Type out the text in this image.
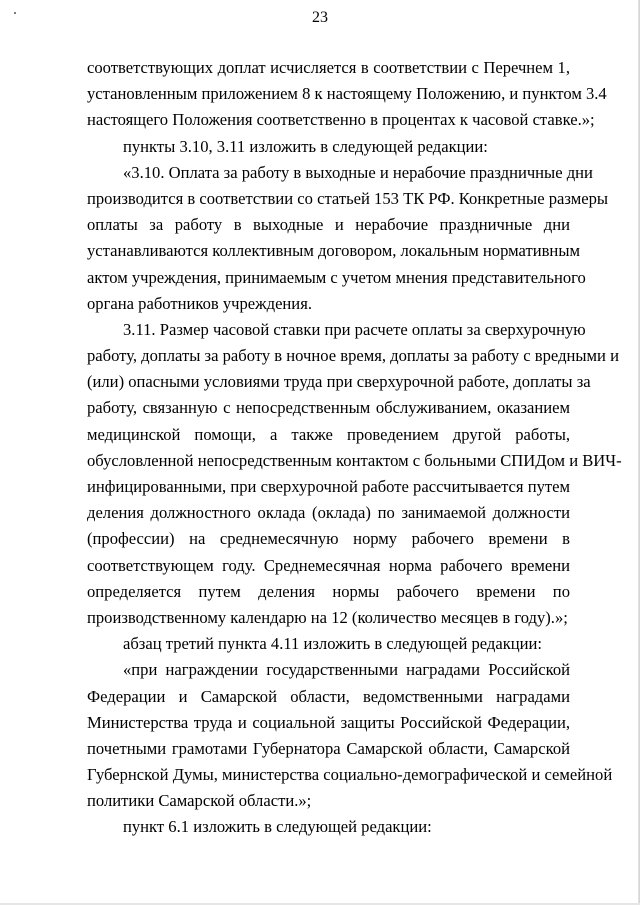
23
соответствующих доплат исчисляется в соответствии с Перечнем 1,
установленным приложением 8 к настоящему Положению, и пунктом 3.4
настоящего Положения соответственно в процентах к часовой ставке.»;
пункты 3.10, 3.11 изложить в следующей редакции:
«3.10. Оплата за работу в выходные и нерабочие праздничные дни
производится в соответствии со статьей 153 ТК РФ. Конкретные размеры
оплаты за работу в выходные и нерабочие праздничные дни
устанавливаются коллективным договором, локальным нормативным
актом учреждения, принимаемым с учетом мнения представительного
органа работников учреждения.
3.11. Размер часовой ставки при расчете оплаты за сверхурочную
работу, доплаты за работу в ночное время, доплаты за работу с вредными и
(или) опасными условиями труда при сверхурочной работе, доплаты за
работу, связанную с непосредственным обслуживанием, оказанием
медицинской помощи, а также проведением другой работы,
обусловленной непосредственным контактом с больными СПИДом и ВИЧ-
инфицированными, при сверхурочной работе рассчитывается путем
деления должностного оклада (оклада) по занимаемой должности
(профессии) на среднемесячную норму рабочего времени в
соответствующем году. Среднемесячная норма рабочего времени
определяется путем деления нормы рабочего времени по
производственному календарю на 12 (количество месяцев в году).»;
абзац третий пункта 4.11 изложить в следующей редакции:
«при награждении государственными наградами Российской
Федерации и Самарской области, ведомственными наградами
Министерства труда и социальной защиты Российской Федерации,
почетными грамотами Губернатора Самарской области, Самарской
Губернской Думы, министерства социально-демографической и семейной
политики Самарской области.»;
пункт 6.1 изложить в следующей редакции:
